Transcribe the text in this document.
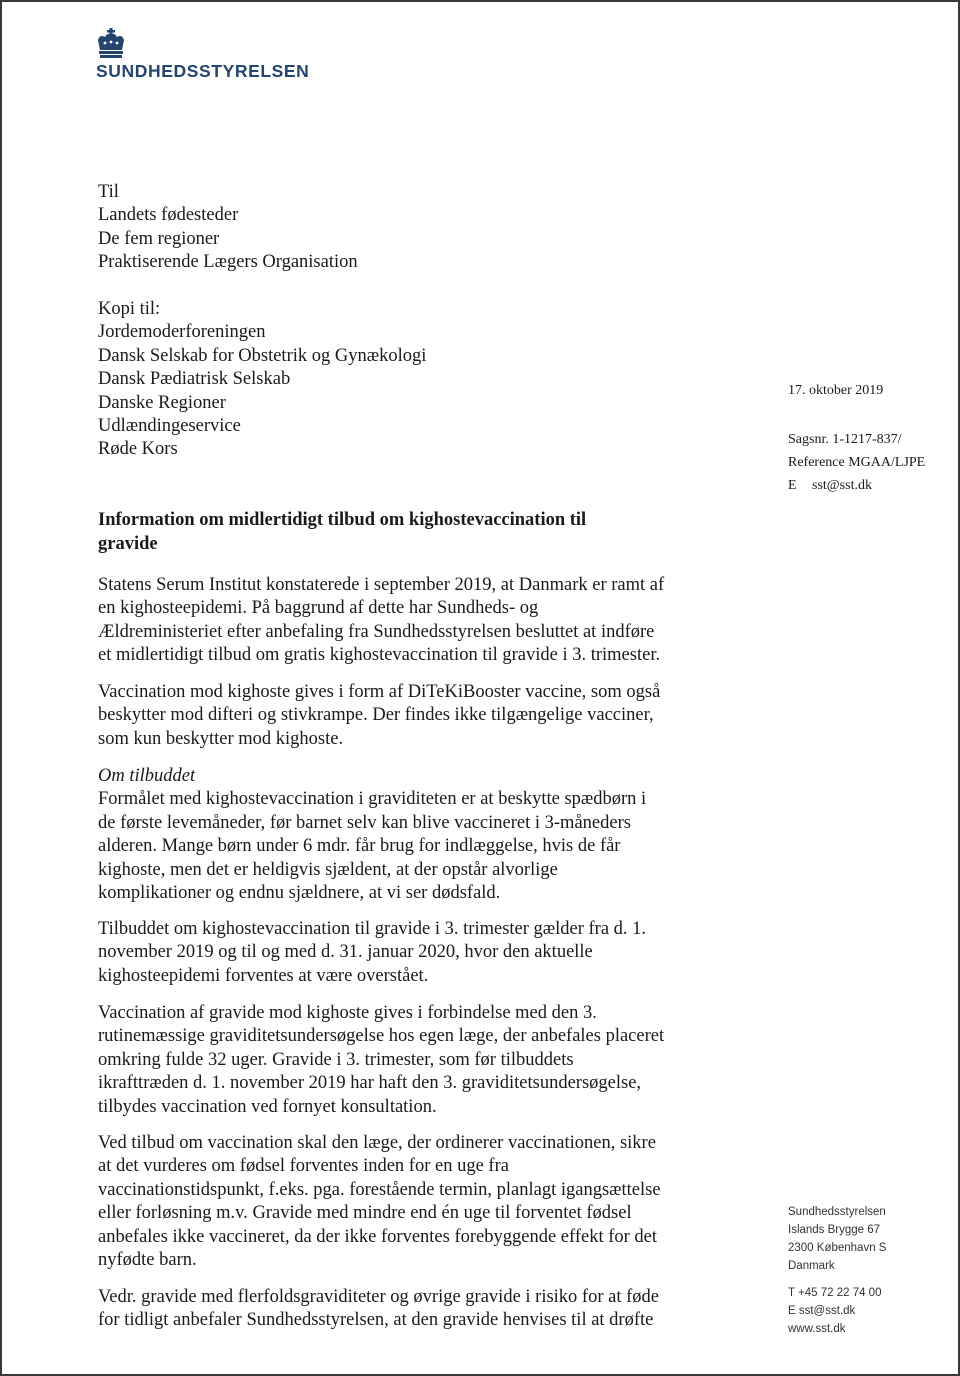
SUNDHEDSSTYRELSEN
Til
Landets fødesteder
De fem regioner
Praktiserende Lægers Organisation
Kopi til:
Jordemoderforeningen
Dansk Selskab for Obstetrik og Gynækologi
Dansk Pædiatrisk Selskab
Danske Regioner
Udlændingeservice
Røde Kors
17. oktober 2019
Sagsnr. 1-1217-837/
Reference MGAA/LJPE
E sst@sst.dk
Information om midlertidigt tilbud om kighostevaccination til
gravide
Statens Serum Institut konstaterede i september 2019, at Danmark er ramt af
en kighosteepidemi. På baggrund af dette har Sundheds- og
Ældreministeriet efter anbefaling fra Sundhedsstyrelsen besluttet at indføre
et midlertidigt tilbud om gratis kighostevaccination til gravide i 3. trimester.
Vaccination mod kighoste gives i form af DiTeKiBooster vaccine, som også
beskytter mod difteri og stivkrampe. Der findes ikke tilgængelige vacciner,
som kun beskytter mod kighoste.
Om tilbuddet
Formålet med kighostevaccination i graviditeten er at beskytte spædbørn i
de første levemåneder, før barnet selv kan blive vaccineret i 3-måneders
alderen. Mange børn under 6 mdr. får brug for indlæggelse, hvis de får
kighoste, men det er heldigvis sjældent, at der opstår alvorlige
komplikationer og endnu sjældnere, at vi ser dødsfald.
Tilbuddet om kighostevaccination til gravide i 3. trimester gælder fra d. 1.
november 2019 og til og med d. 31. januar 2020, hvor den aktuelle
kighosteepidemi forventes at være overstået.
Vaccination af gravide mod kighoste gives i forbindelse med den 3.
rutinemæssige graviditetsundersøgelse hos egen læge, der anbefales placeret
omkring fulde 32 uger. Gravide i 3. trimester, som før tilbuddets
ikrafttræden d. 1. november 2019 har haft den 3. graviditetsundersøgelse,
tilbydes vaccination ved fornyet konsultation.
Ved tilbud om vaccination skal den læge, der ordinerer vaccinationen, sikre
at det vurderes om fødsel forventes inden for en uge fra
vaccinationstidspunkt, f.eks. pga. forestående termin, planlagt igangsættelse
eller forløsning m.v. Gravide med mindre end én uge til forventet fødsel
anbefales ikke vaccineret, da der ikke forventes forebyggende effekt for det
nyfødte barn.
Vedr. gravide med flerfoldsgraviditeter og øvrige gravide i risiko for at føde
for tidligt anbefaler Sundhedsstyrelsen, at den gravide henvises til at drøfte
Sundhedsstyrelsen
Islands Brygge 67
2300 København S
Danmark
T +45 72 22 74 00
E sst@sst.dk
www.sst.dk
